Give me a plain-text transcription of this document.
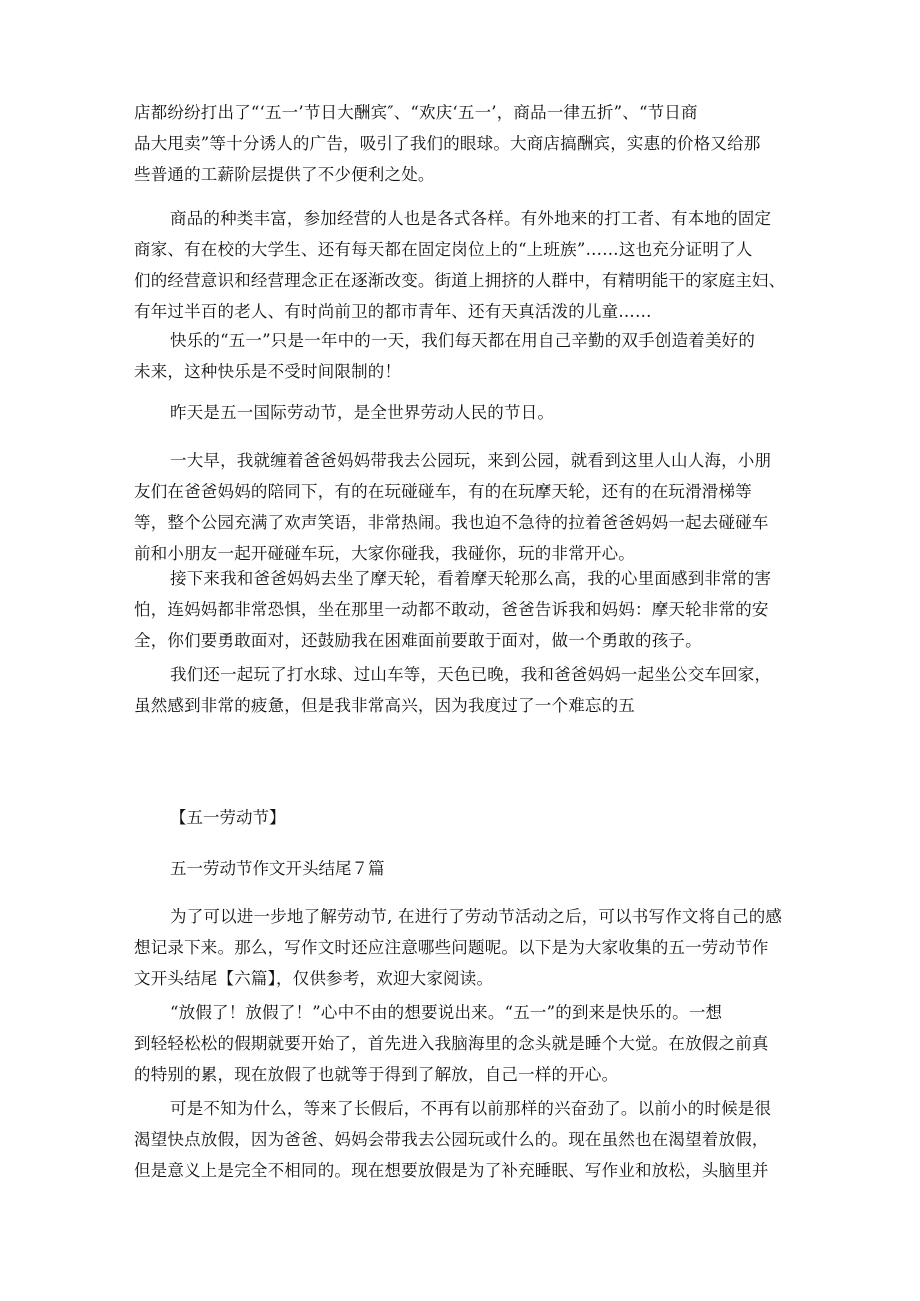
店都纷纷打出了“‘五一’节日大酬宾″、“欢庆‘五一’，商品一律五折”、“节日商
品大甩卖”等十分诱人的广告，吸引了我们的眼球。大商店搞酬宾，实惠的价格又给那
些普通的工薪阶层提供了不少便利之处。

商品的种类丰富，参加经营的人也是各式各样。有外地来的打工者、有本地的固定
商家、有在校的大学生、还有每天都在固定岗位上的“上班族”……这也充分证明了人
们的经营意识和经营理念正在逐渐改变。街道上拥挤的人群中，有精明能干的家庭主妇、
有年过半百的老人、有时尚前卫的都市青年、还有天真活泼的儿童……

快乐的“五一”只是一年中的一天，我们每天都在用自己辛勤的双手创造着美好的
未来，这种快乐是不受时间限制的！

昨天是五一国际劳动节，是全世界劳动人民的节日。

一大早，我就缠着爸爸妈妈带我去公园玩，来到公园，就看到这里人山人海，小朋
友们在爸爸妈妈的陪同下，有的在玩碰碰车，有的在玩摩天轮，还有的在玩滑滑梯等
等，整个公园充满了欢声笑语，非常热闹。我也迫不急待的拉着爸爸妈妈一起去碰碰车
前和小朋友一起开碰碰车玩，大家你碰我，我碰你，玩的非常开心。

接下来我和爸爸妈妈去坐了摩天轮，看着摩天轮那么高，我的心里面感到非常的害
怕，连妈妈都非常恐惧，坐在那里一动都不敢动，爸爸告诉我和妈妈：摩天轮非常的安
全，你们要勇敢面对，还鼓励我在困难面前要敢于面对，做一个勇敢的孩子。

我们还一起玩了打水球、过山车等，天色已晚，我和爸爸妈妈一起坐公交车回家，
虽然感到非常的疲惫，但是我非常高兴，因为我度过了一个难忘的五

【五一劳动节】

五一劳动节作文开头结尾７篇

为了可以进一步地了解劳动节, 在进行了劳动节活动之后，可以书写作文将自己的感
想记录下来。那么，写作文时还应注意哪些问题呢。以下是为大家收集的五一劳动节作
文开头结尾【六篇】，仅供参考，欢迎大家阅读。

“放假了！放假了！”心中不由的想要说出来。“五一”的到来是快乐的。一想
到轻轻松松的假期就要开始了，首先进入我脑海里的念头就是睡个大觉。在放假之前真
的特别的累，现在放假了也就等于得到了解放，自己一样的开心。

可是不知为什么，等来了长假后，不再有以前那样的兴奋劲了。以前小的时候是很
渴望快点放假，因为爸爸、妈妈会带我去公园玩或什么的。现在虽然也在渴望着放假，
但是意义上是完全不相同的。现在想要放假是为了补充睡眠、写作业和放松，头脑里并
